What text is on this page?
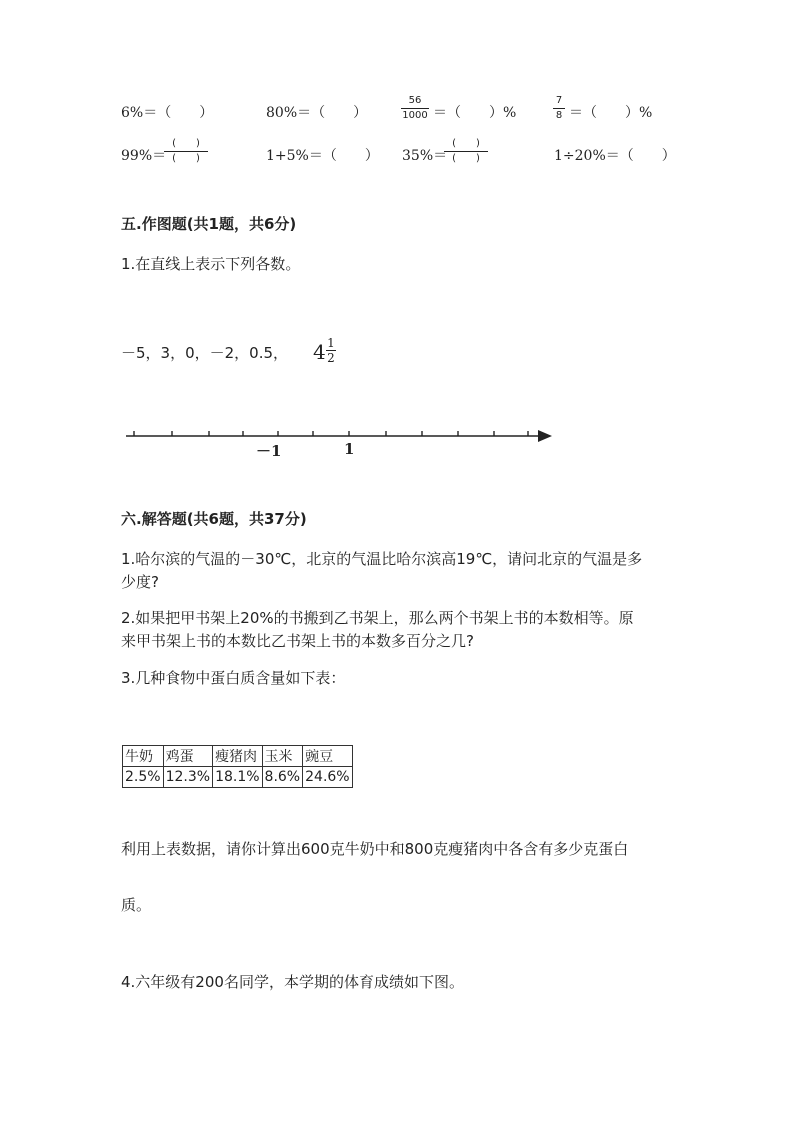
6%＝（　　）	80%＝（　　）
56
1000 ＝（　　）%
7
8 ＝（　　）%
99%＝
(　　)
(　　)	1+5%＝（　　） 35%＝
(　　)
(　　)	1÷20%＝（　　）
五.作图题(共1题，共6分)
1.在直线上表示下列各数。
－5，3，0，－2，0.5， 4 1
2
－1	1
六.解答题(共6题，共37分)
1.哈尔滨的气温的－30℃，北京的气温比哈尔滨高19℃，请问北京的气温是多
少度?
2.如果把甲书架上20%的书搬到乙书架上，那么两个书架上书的本数相等。原
来甲书架上书的本数比乙书架上书的本数多百分之几?
3.几种食物中蛋白质含量如下表：
牛奶	鸡蛋	瘦猪肉	玉米	豌豆
2.5%	12.3%	18.1%	8.6%	24.6%
利用上表数据，请你计算出600克牛奶中和800克瘦猪肉中各含有多少克蛋白
质。
4.六年级有200名同学，本学期的体育成绩如下图。
